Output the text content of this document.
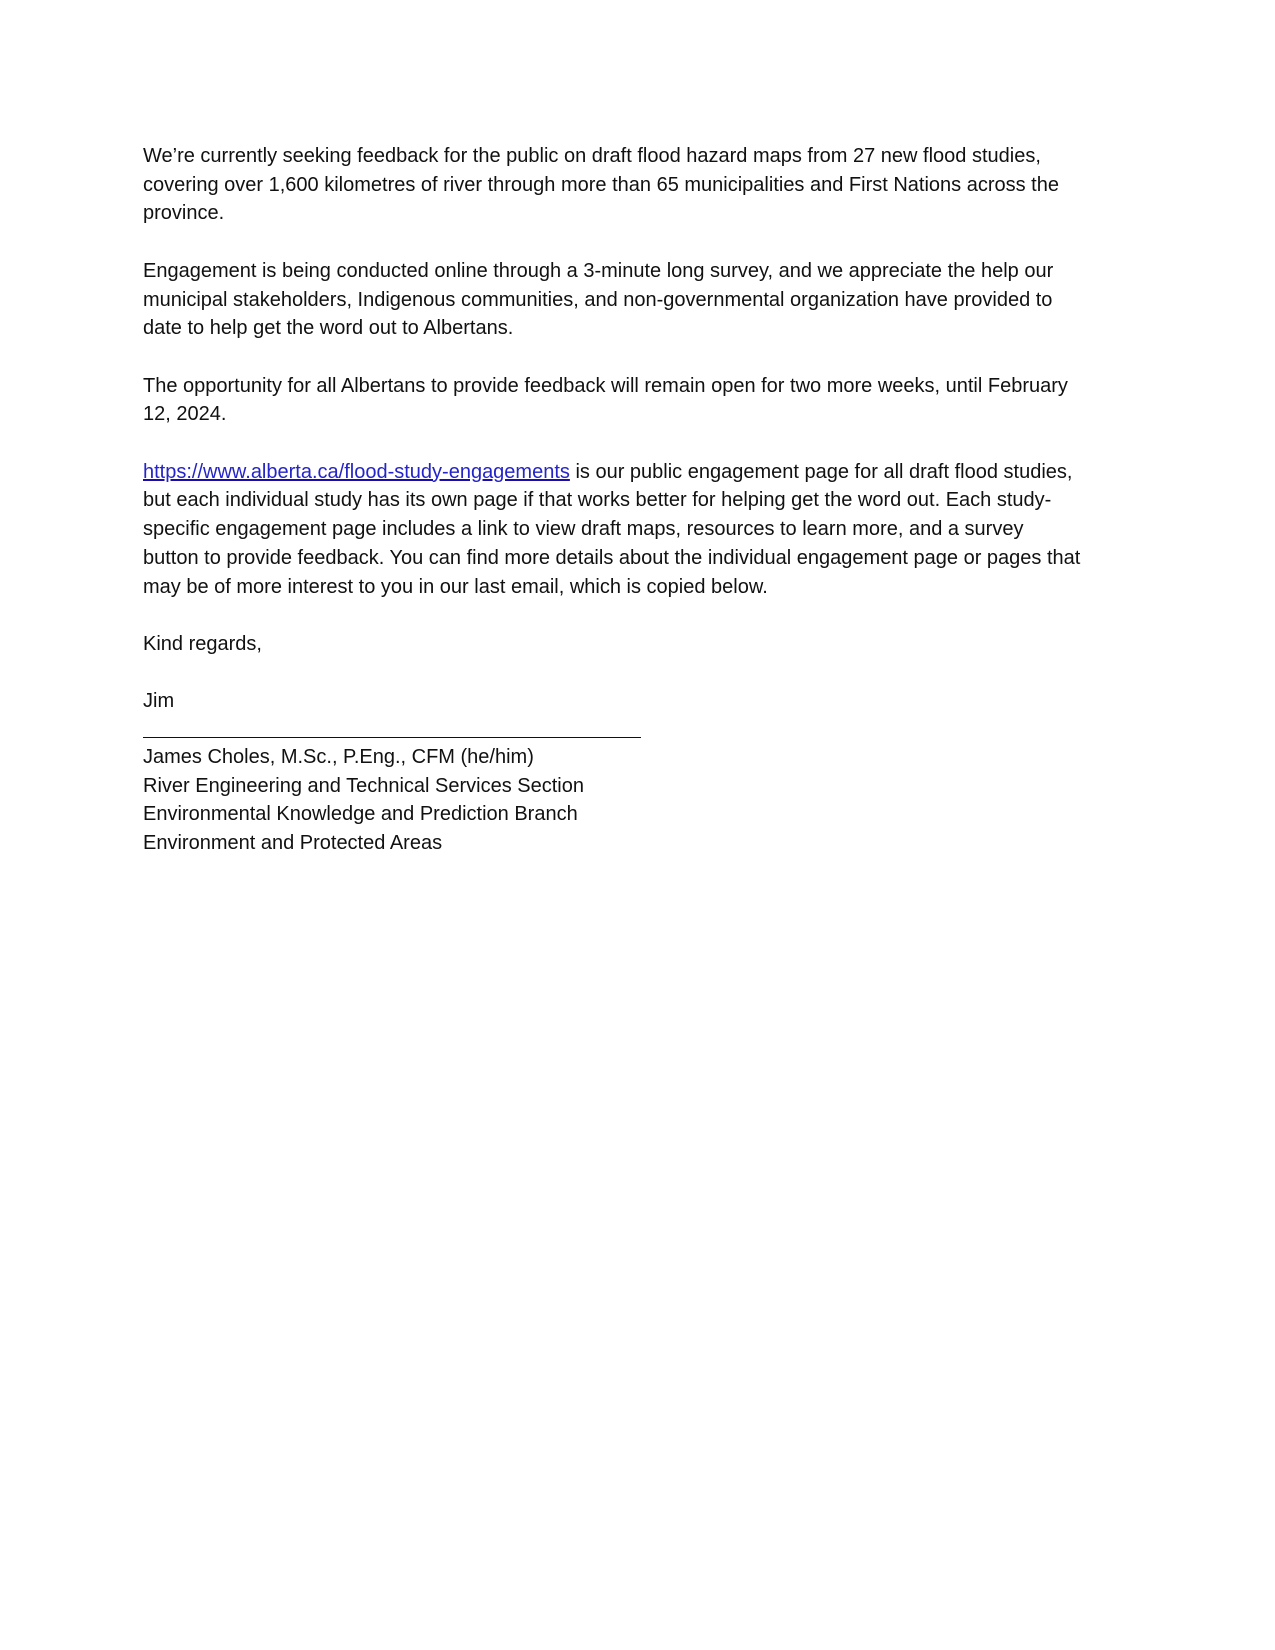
We’re currently seeking feedback for the public on draft flood hazard maps from 27 new flood studies, covering over 1,600 kilometres of river through more than 65 municipalities and First Nations across the province.

Engagement is being conducted online through a 3-minute long survey, and we appreciate the help our municipal stakeholders, Indigenous communities, and non-governmental organization have provided to date to help get the word out to Albertans.

The opportunity for all Albertans to provide feedback will remain open for two more weeks, until February 12, 2024.

https://www.alberta.ca/flood-study-engagements is our public engagement page for all draft flood studies, but each individual study has its own page if that works better for helping get the word out. Each study-specific engagement page includes a link to view draft maps, resources to learn more, and a survey button to provide feedback. You can find more details about the individual engagement page or pages that may be of more interest to you in our last email, which is copied below.

Kind regards,

Jim

James Choles, M.Sc., P.Eng., CFM (he/him)

River Engineering and Technical Services Section

Environmental Knowledge and Prediction Branch

Environment and Protected Areas
